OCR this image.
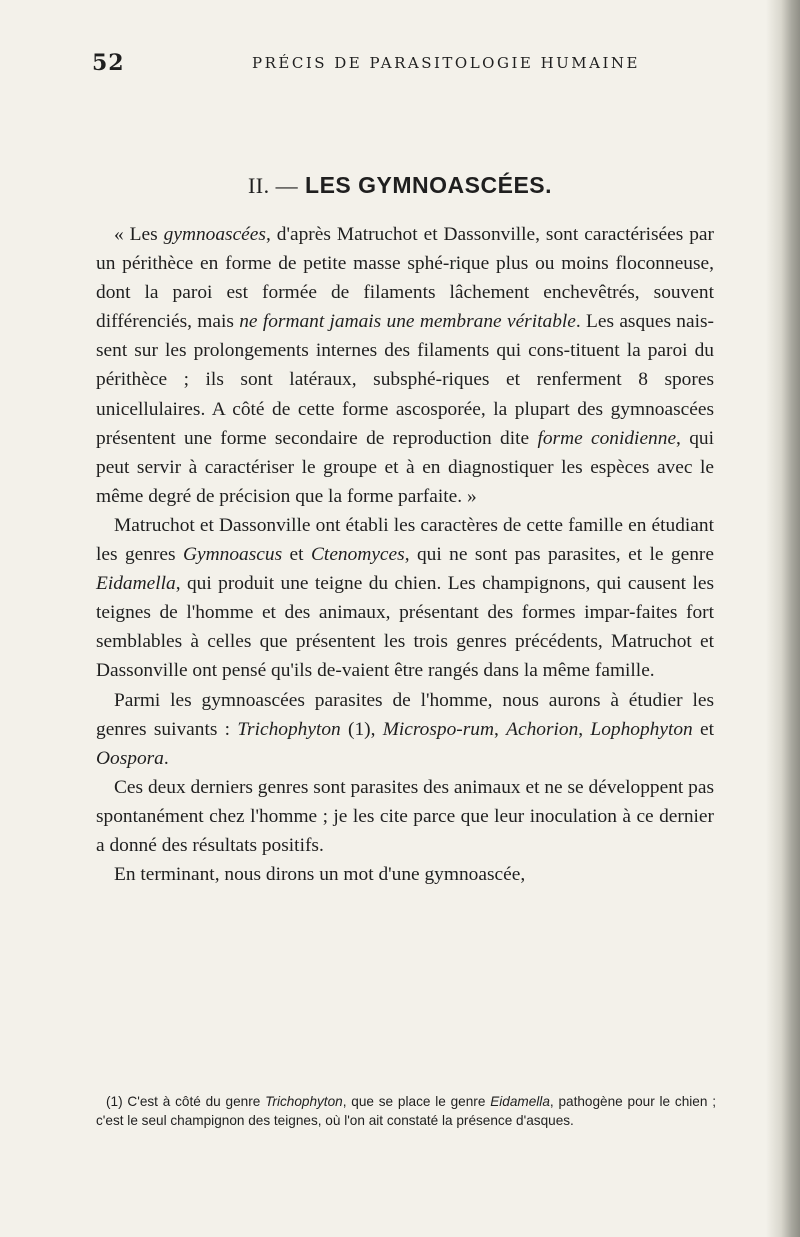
52	PRÉCIS DE PARASITOLOGIE HUMAINE
II. — LES GYMNOASCÉES.

« Les gymnoascées, d'après Matruchot et Dassonville, sont caractérisées par un périthèce en forme de petite masse sphé-rique plus ou moins floconneuse, dont la paroi est formée de filaments lâchement enchevêtrés, souvent différenciés, mais ne formant jamais une membrane véritable. Les asques nais-sent sur les prolongements internes des filaments qui cons-tituent la paroi du périthèce ; ils sont latéraux, subsphé-riques et renferment 8 spores unicellulaires. A côté de cette forme ascosporée, la plupart des gymnoascées présentent une forme secondaire de reproduction dite forme conidienne, qui peut servir à caractériser le groupe et à en diagnostiquer les espèces avec le même degré de précision que la forme parfaite. »

Matruchot et Dassonville ont établi les caractères de cette famille en étudiant les genres Gymnoascus et Ctenomyces, qui ne sont pas parasites, et le genre Eidamella, qui produit une teigne du chien. Les champignons, qui causent les teignes de l'homme et des animaux, présentant des formes impar-faites fort semblables à celles que présentent les trois genres précédents, Matruchot et Dassonville ont pensé qu'ils de-vaient être rangés dans la même famille.

Parmi les gymnoascées parasites de l'homme, nous aurons à étudier les genres suivants : Trichophyton (1), Microspo-rum, Achorion, Lophophyton et Oospora.

Ces deux derniers genres sont parasites des animaux et ne se développent pas spontanément chez l'homme ; je les cite parce que leur inoculation à ce dernier a donné des résultats positifs.

En terminant, nous dirons un mot d'une gymnoascée,

(1) C'est à côté du genre Trichophyton, que se place le genre Eidamella, pathogène pour le chien ; c'est le seul champignon des teignes, où l'on ait constaté la présence d'asques.
